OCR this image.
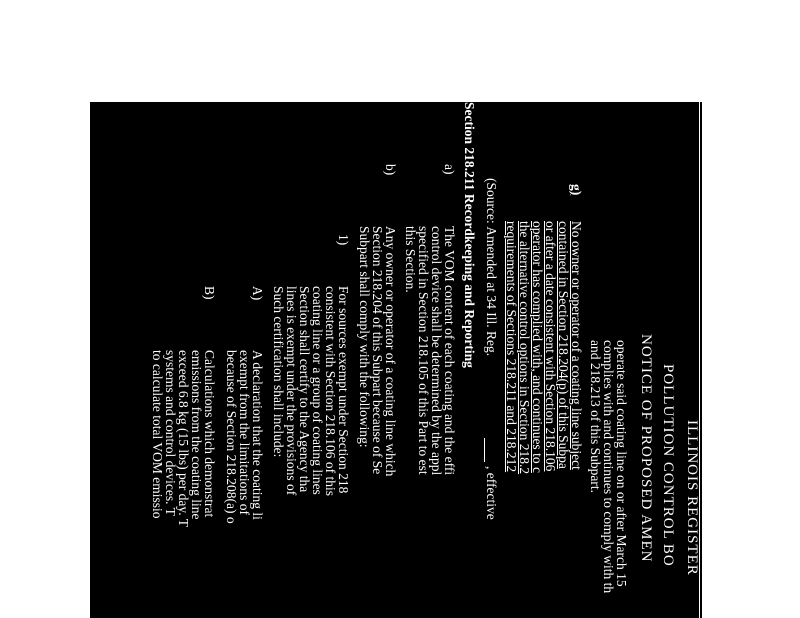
ILLINOIS REGISTER
POLLUTION CONTROL BO
NOTICE OF PROPOSED AMEN
operate said coating line on or after March 15
complies with and continues to comply with th
and 218.213 of this Subpart.
g)
No owner or operator of a coating line subject
contained in Section 218.204(p) of this Subpa
or after a date consistent with Section 218.106
operator has complied with, and continues to c
the alternative control options in Section 218.2
requirements of Sections 218.211 and 218.212
(Source: Amended at 34 Ill. Reg.
, effective
Section 218.211 Recordkeeping and Reporting
a)
The VOM content of each coating and the effi
control device shall be determined by the appl
specified in Section 218.105 of this Part to est
this Section.
b)
Any owner or operator of a coating line which
Section 218.204 of this Subpart because of Se
Subpart shall comply with the following:
1)
For sources exempt under Section 218
consistent with Section 218.106 of this
coating line or a group of coating lines
Section shall certify to the Agency tha
lines is exempt under the provisions of
Such certification shall include:
A)
A declaration that the coating li
exempt from the limitations of
because of Section 218.208(a) o
B)
Calculations which demonstrat
emissions from the coating line
exceed 6.8 kg (15 lbs) per day. T
systems and control devices. T
to calculate total VOM emissio
